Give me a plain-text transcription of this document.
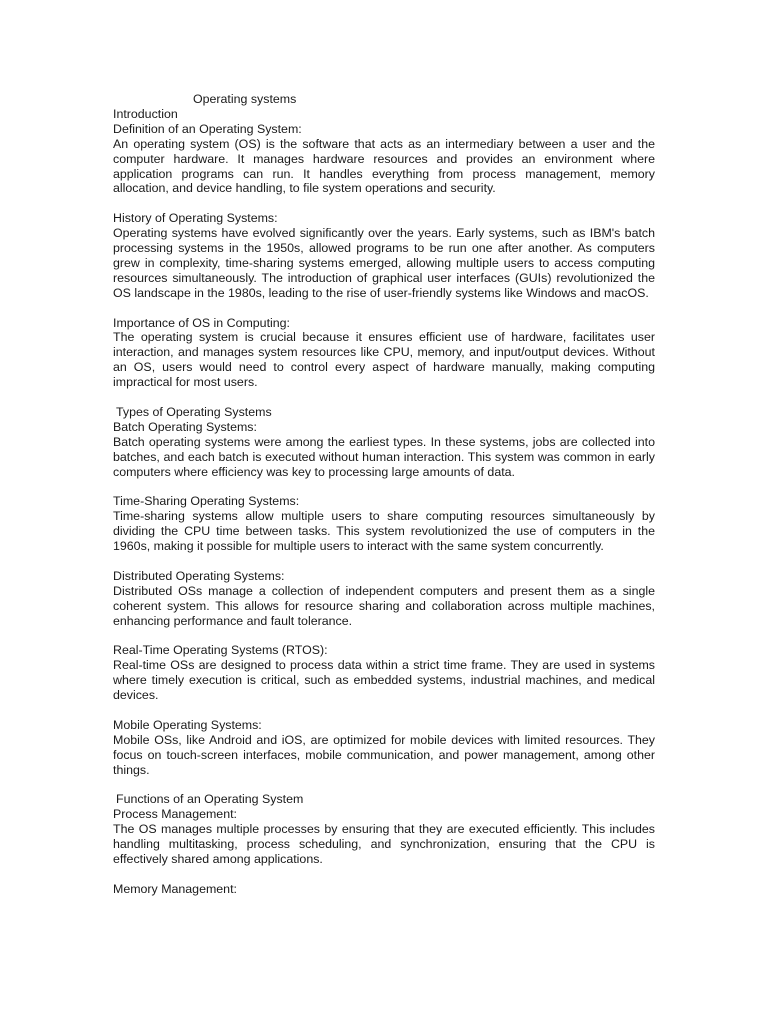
Operating systems
Introduction
Definition of an Operating System:

An operating system (OS) is the software that acts as an intermediary between a user and the computer hardware. It manages hardware resources and provides an environment where application programs can run. It handles everything from process management, memory allocation, and device handling, to file system operations and security.

History of Operating Systems:

Operating systems have evolved significantly over the years. Early systems, such as IBM's batch processing systems in the 1950s, allowed programs to be run one after another. As computers grew in complexity, time-sharing systems emerged, allowing multiple users to access computing resources simultaneously. The introduction of graphical user interfaces (GUIs) revolutionized the OS landscape in the 1980s, leading to the rise of user-friendly systems like Windows and macOS.

Importance of OS in Computing:

The operating system is crucial because it ensures efficient use of hardware, facilitates user interaction, and manages system resources like CPU, memory, and input/output devices. Without an OS, users would need to control every aspect of hardware manually, making computing impractical for most users.

Types of Operating Systems
Batch Operating Systems:

Batch operating systems were among the earliest types. In these systems, jobs are collected into batches, and each batch is executed without human interaction. This system was common in early computers where efficiency was key to processing large amounts of data.

Time-Sharing Operating Systems:

Time-sharing systems allow multiple users to share computing resources simultaneously by dividing the CPU time between tasks. This system revolutionized the use of computers in the 1960s, making it possible for multiple users to interact with the same system concurrently.

Distributed Operating Systems:

Distributed OSs manage a collection of independent computers and present them as a single coherent system. This allows for resource sharing and collaboration across multiple machines, enhancing performance and fault tolerance.

Real-Time Operating Systems (RTOS):

Real-time OSs are designed to process data within a strict time frame. They are used in systems where timely execution is critical, such as embedded systems, industrial machines, and medical devices.

Mobile Operating Systems:

Mobile OSs, like Android and iOS, are optimized for mobile devices with limited resources. They focus on touch-screen interfaces, mobile communication, and power management, among other things.

Functions of an Operating System
Process Management:

The OS manages multiple processes by ensuring that they are executed efficiently. This includes handling multitasking, process scheduling, and synchronization, ensuring that the CPU is effectively shared among applications.

Memory Management:
